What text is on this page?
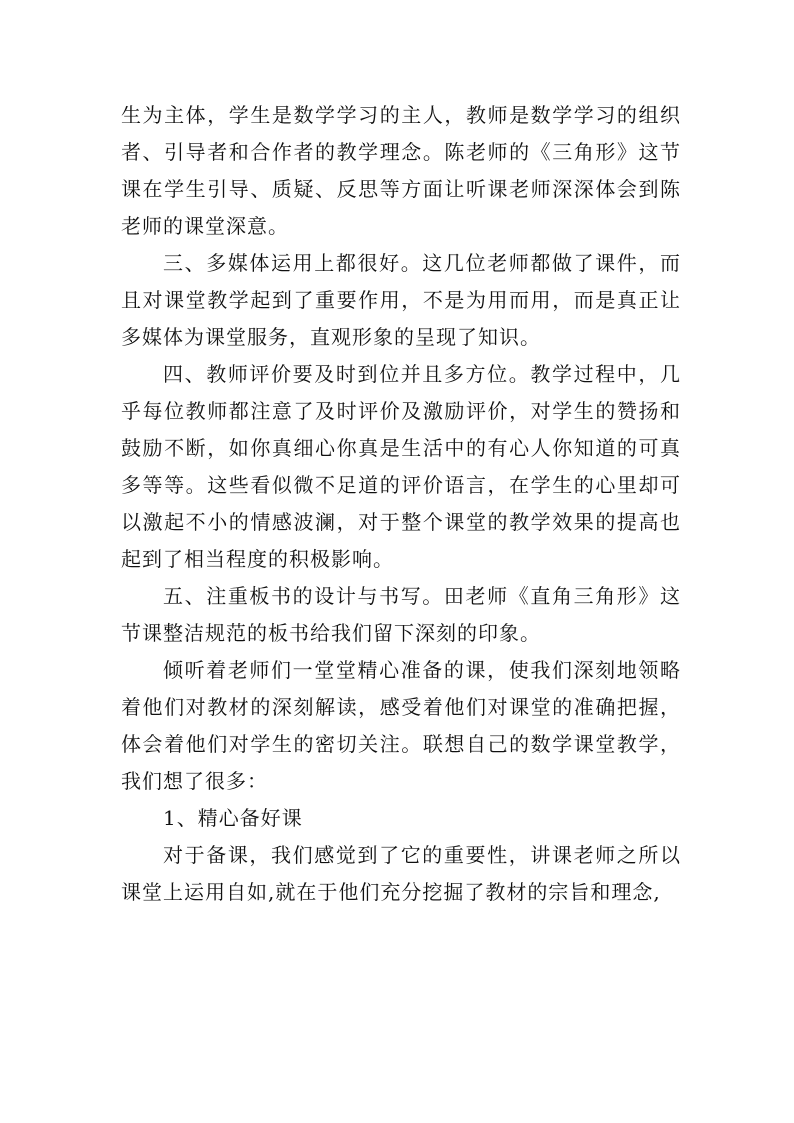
生为主体，学生是数学学习的主人，教师是数学学习的组织者、引导者和合作者的教学理念。陈老师的《三角形》这节课在学生引导、质疑、反思等方面让听课老师深深体会到陈老师的课堂深意。

三、多媒体运用上都很好。这几位老师都做了课件，而且对课堂教学起到了重要作用，不是为用而用，而是真正让多媒体为课堂服务，直观形象的呈现了知识。

四、教师评价要及时到位并且多方位。教学过程中，几乎每位教师都注意了及时评价及激励评价，对学生的赞扬和鼓励不断，如你真细心你真是生活中的有心人你知道的可真多等等。这些看似微不足道的评价语言，在学生的心里却可以激起不小的情感波澜，对于整个课堂的教学效果的提高也起到了相当程度的积极影响。

五、注重板书的设计与书写。田老师《直角三角形》这节课整洁规范的板书给我们留下深刻的印象。

倾听着老师们一堂堂精心准备的课，使我们深刻地领略着他们对教材的深刻解读，感受着他们对课堂的准确把握，体会着他们对学生的密切关注。联想自己的数学课堂教学，我们想了很多：

1、精心备好课

对于备课，我们感觉到了它的重要性，讲课老师之所以课堂上运用自如,就在于他们充分挖掘了教材的宗旨和理念,
